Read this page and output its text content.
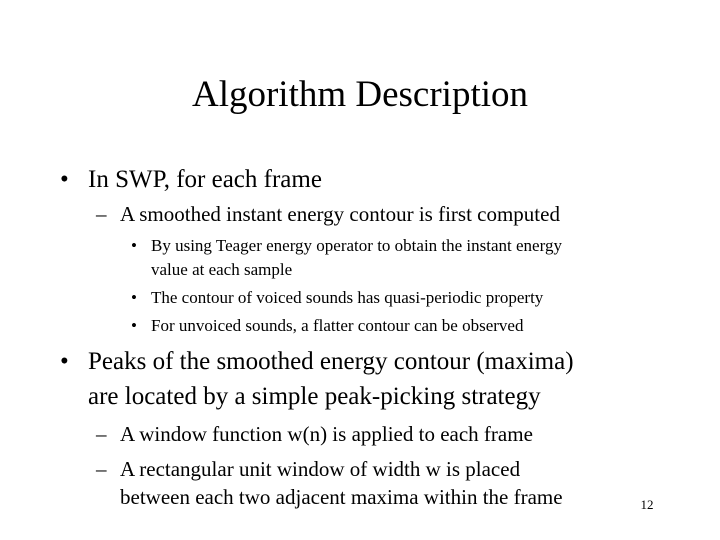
Algorithm Description
• In SWP, for each frame
– A smoothed instant energy contour is first computed
• By using Teager energy operator to obtain the instant energy
value at each sample
• The contour of voiced sounds has quasi-periodic property
• For unvoiced sounds, a flatter contour can be observed
• Peaks of the smoothed energy contour (maxima)
are located by a simple peak-picking strategy
– A window function w(n) is applied to each frame
– A rectangular unit window of width w is placed
between each two adjacent maxima within the frame	12
